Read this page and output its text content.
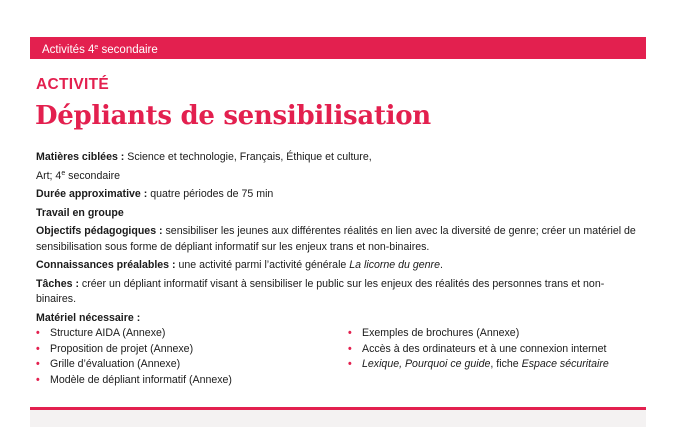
Activités 4e secondaire
ACTIVITÉ
Dépliants de sensibilisation

Matières ciblées : Science et technologie, Français, Éthique et culture,
Art; 4e secondaire

Durée approximative : quatre périodes de 75 min

Travail en groupe

Objectifs pédagogiques : sensibiliser les jeunes aux différentes réalités en lien avec la diversité de genre; créer un matériel de sensibilisation sous forme de dépliant informatif sur les enjeux trans et non-binaires.

Connaissances préalables : une activité parmi l’activité générale La licorne du genre.

Tâches : créer un dépliant informatif visant à sensibiliser le public sur les enjeux des réalités des personnes trans et non-binaires.

Matériel nécessaire :

• Structure AIDA (Annexe)
• Proposition de projet (Annexe)
• Grille d’évaluation (Annexe)
• Modèle de dépliant informatif (Annexe)
• Exemples de brochures (Annexe)
• Accès à des ordinateurs et à une connexion internet
• Lexique, Pourquoi ce guide, fiche Espace sécuritaire
